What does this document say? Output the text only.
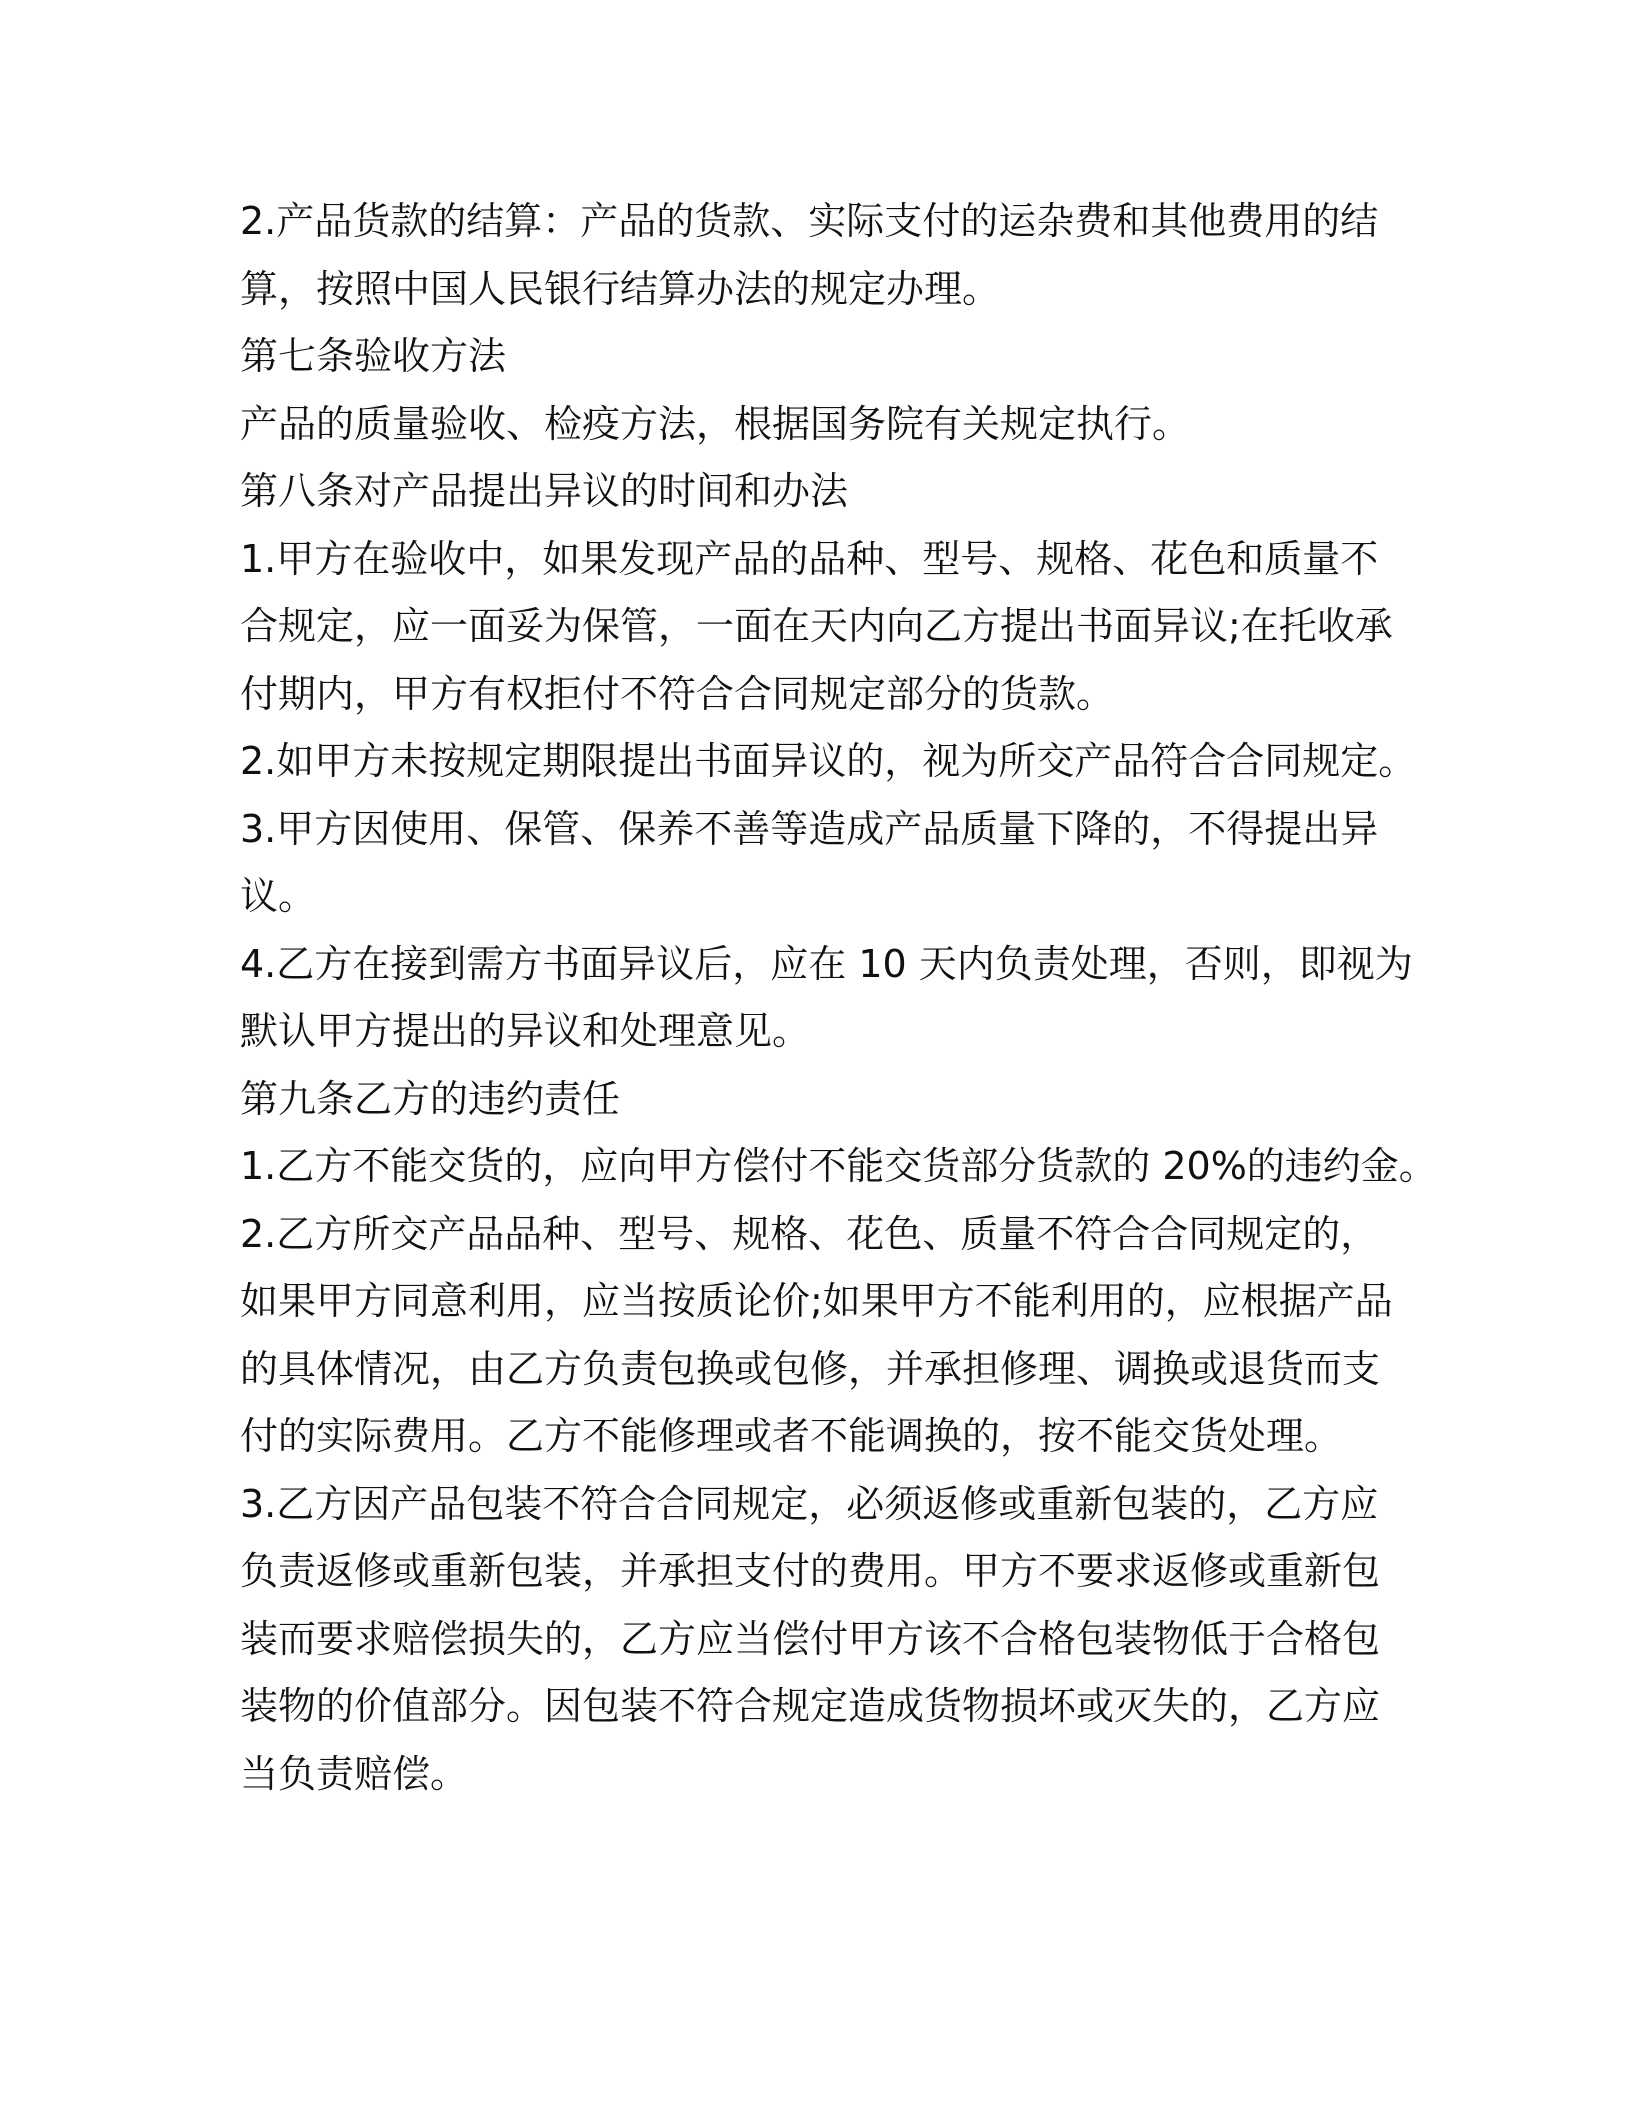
2.产品货款的结算：产品的货款、实际支付的运杂费和其他费用的结
算，按照中国人民银行结算办法的规定办理。
第七条验收方法
产品的质量验收、检疫方法，根据国务院有关规定执行。
第八条对产品提出异议的时间和办法
1.甲方在验收中，如果发现产品的品种、型号、规格、花色和质量不
合规定，应一面妥为保管，一面在天内向乙方提出书面异议;在托收承
付期内，甲方有权拒付不符合合同规定部分的货款。
2.如甲方未按规定期限提出书面异议的，视为所交产品符合合同规定。
3.甲方因使用、保管、保养不善等造成产品质量下降的，不得提出异
议。
4.乙方在接到需方书面异议后，应在 10 天内负责处理，否则，即视为
默认甲方提出的异议和处理意见。
第九条乙方的违约责任
1.乙方不能交货的，应向甲方偿付不能交货部分货款的 20%的违约金。
2.乙方所交产品品种、型号、规格、花色、质量不符合合同规定的，
如果甲方同意利用，应当按质论价;如果甲方不能利用的，应根据产品
的具体情况，由乙方负责包换或包修，并承担修理、调换或退货而支
付的实际费用。乙方不能修理或者不能调换的，按不能交货处理。
3.乙方因产品包装不符合合同规定，必须返修或重新包装的，乙方应
负责返修或重新包装，并承担支付的费用。甲方不要求返修或重新包
装而要求赔偿损失的，乙方应当偿付甲方该不合格包装物低于合格包
装物的价值部分。因包装不符合规定造成货物损坏或灭失的，乙方应
当负责赔偿。
